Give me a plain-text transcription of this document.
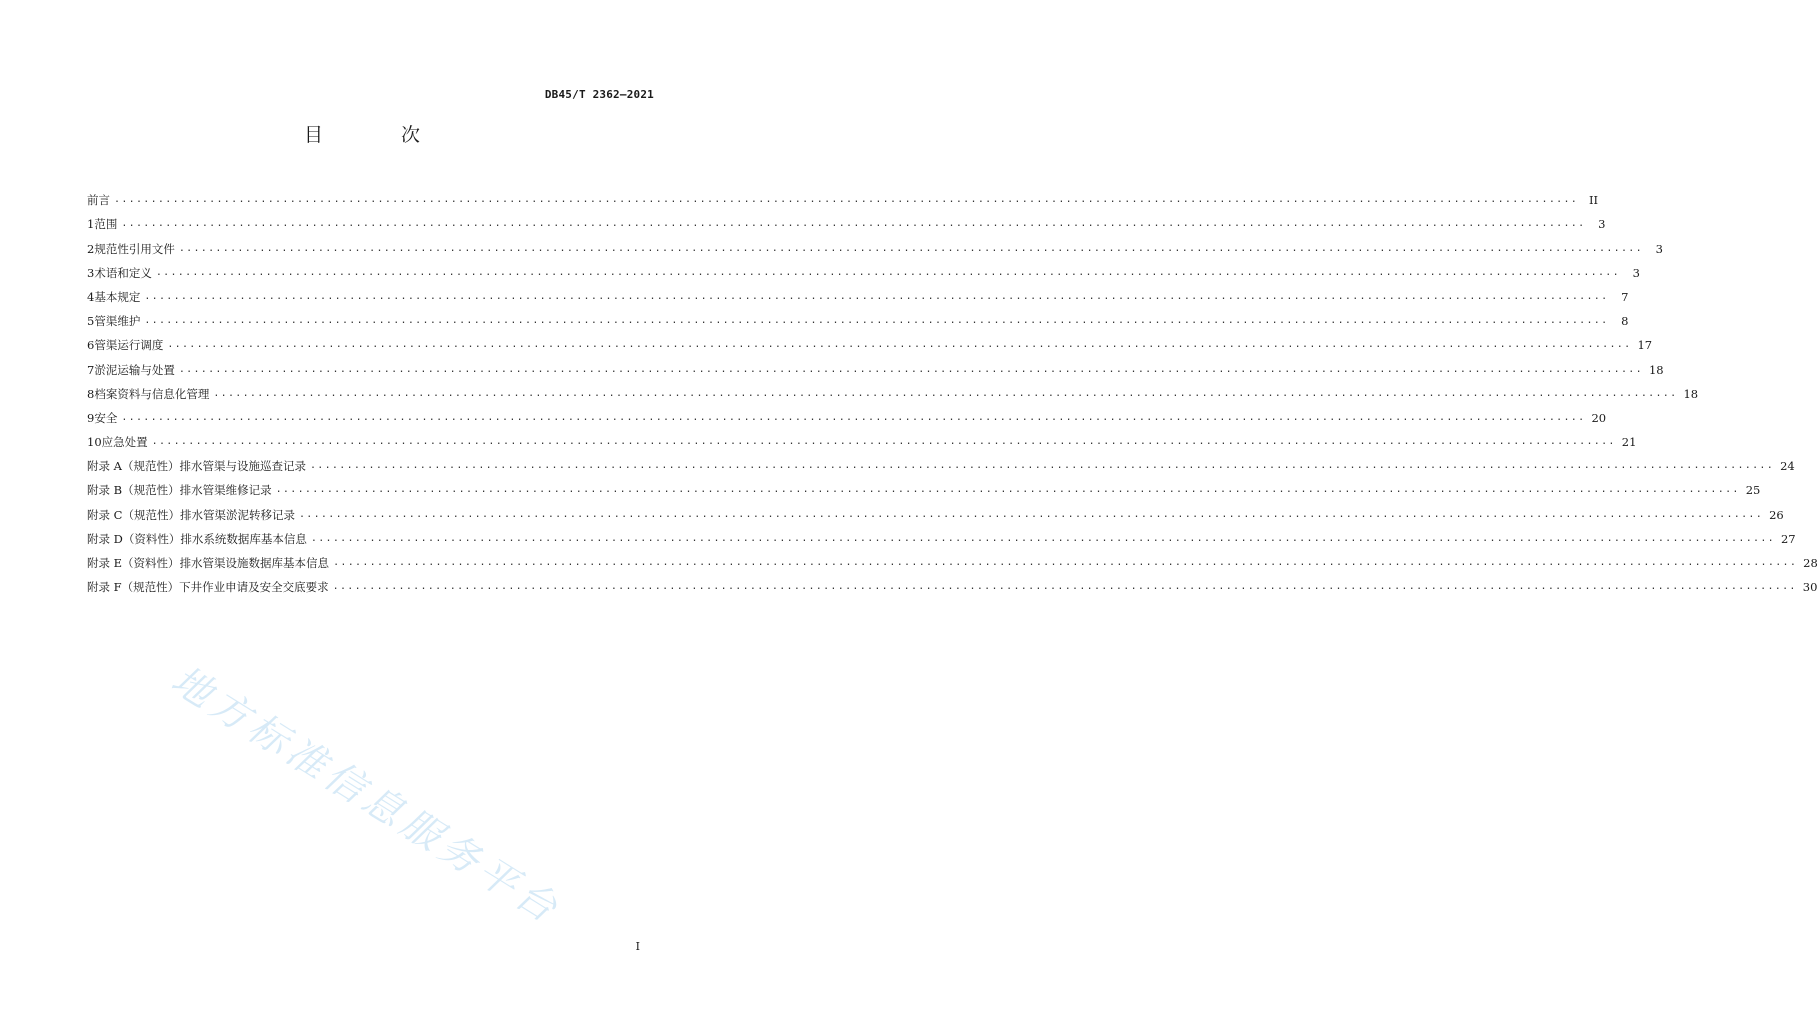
DB45/T 2362—2021
目 次
前言 ........................................................................................................................................................................................................ II
1 范围 ........................................................................................................................................................................................................	3
2 规范性引用文件 ........................................................................................................................................................................................................	3
3 术语和定义 ........................................................................................................................................................................................................	3
4 基本规定 ........................................................................................................................................................................................................	7
5 管渠维护 ........................................................................................................................................................................................................	8
6 管渠运行调度 ........................................................................................................................................................................................................ 17
7 淤泥运输与处置 ........................................................................................................................................................................................................ 18
8 档案资料与信息化管理 ........................................................................................................................................................................................................ 18
9 安全 ........................................................................................................................................................................................................ 20
10 应急处置 ........................................................................................................................................................................................................ 21
附录 A（规范性） 排水管渠与设施巡查记录 ........................................................................................................................................................................................................ 24
附录 B（规范性） 排水管渠维修记录 ........................................................................................................................................................................................................ 25
附录 C（规范性） 排水管渠淤泥转移记录 ........................................................................................................................................................................................................ 26
附录 D（资料性） 排水系统数据库基本信息 ........................................................................................................................................................................................................ 27
附录 E（资料性） 排水管渠设施数据库基本信息 ........................................................................................................................................................................................................ 28
附录 F（规范性） 下井作业申请及安全交底要求 ........................................................................................................................................................................................................ 30
地方标准信息服务平台
I
